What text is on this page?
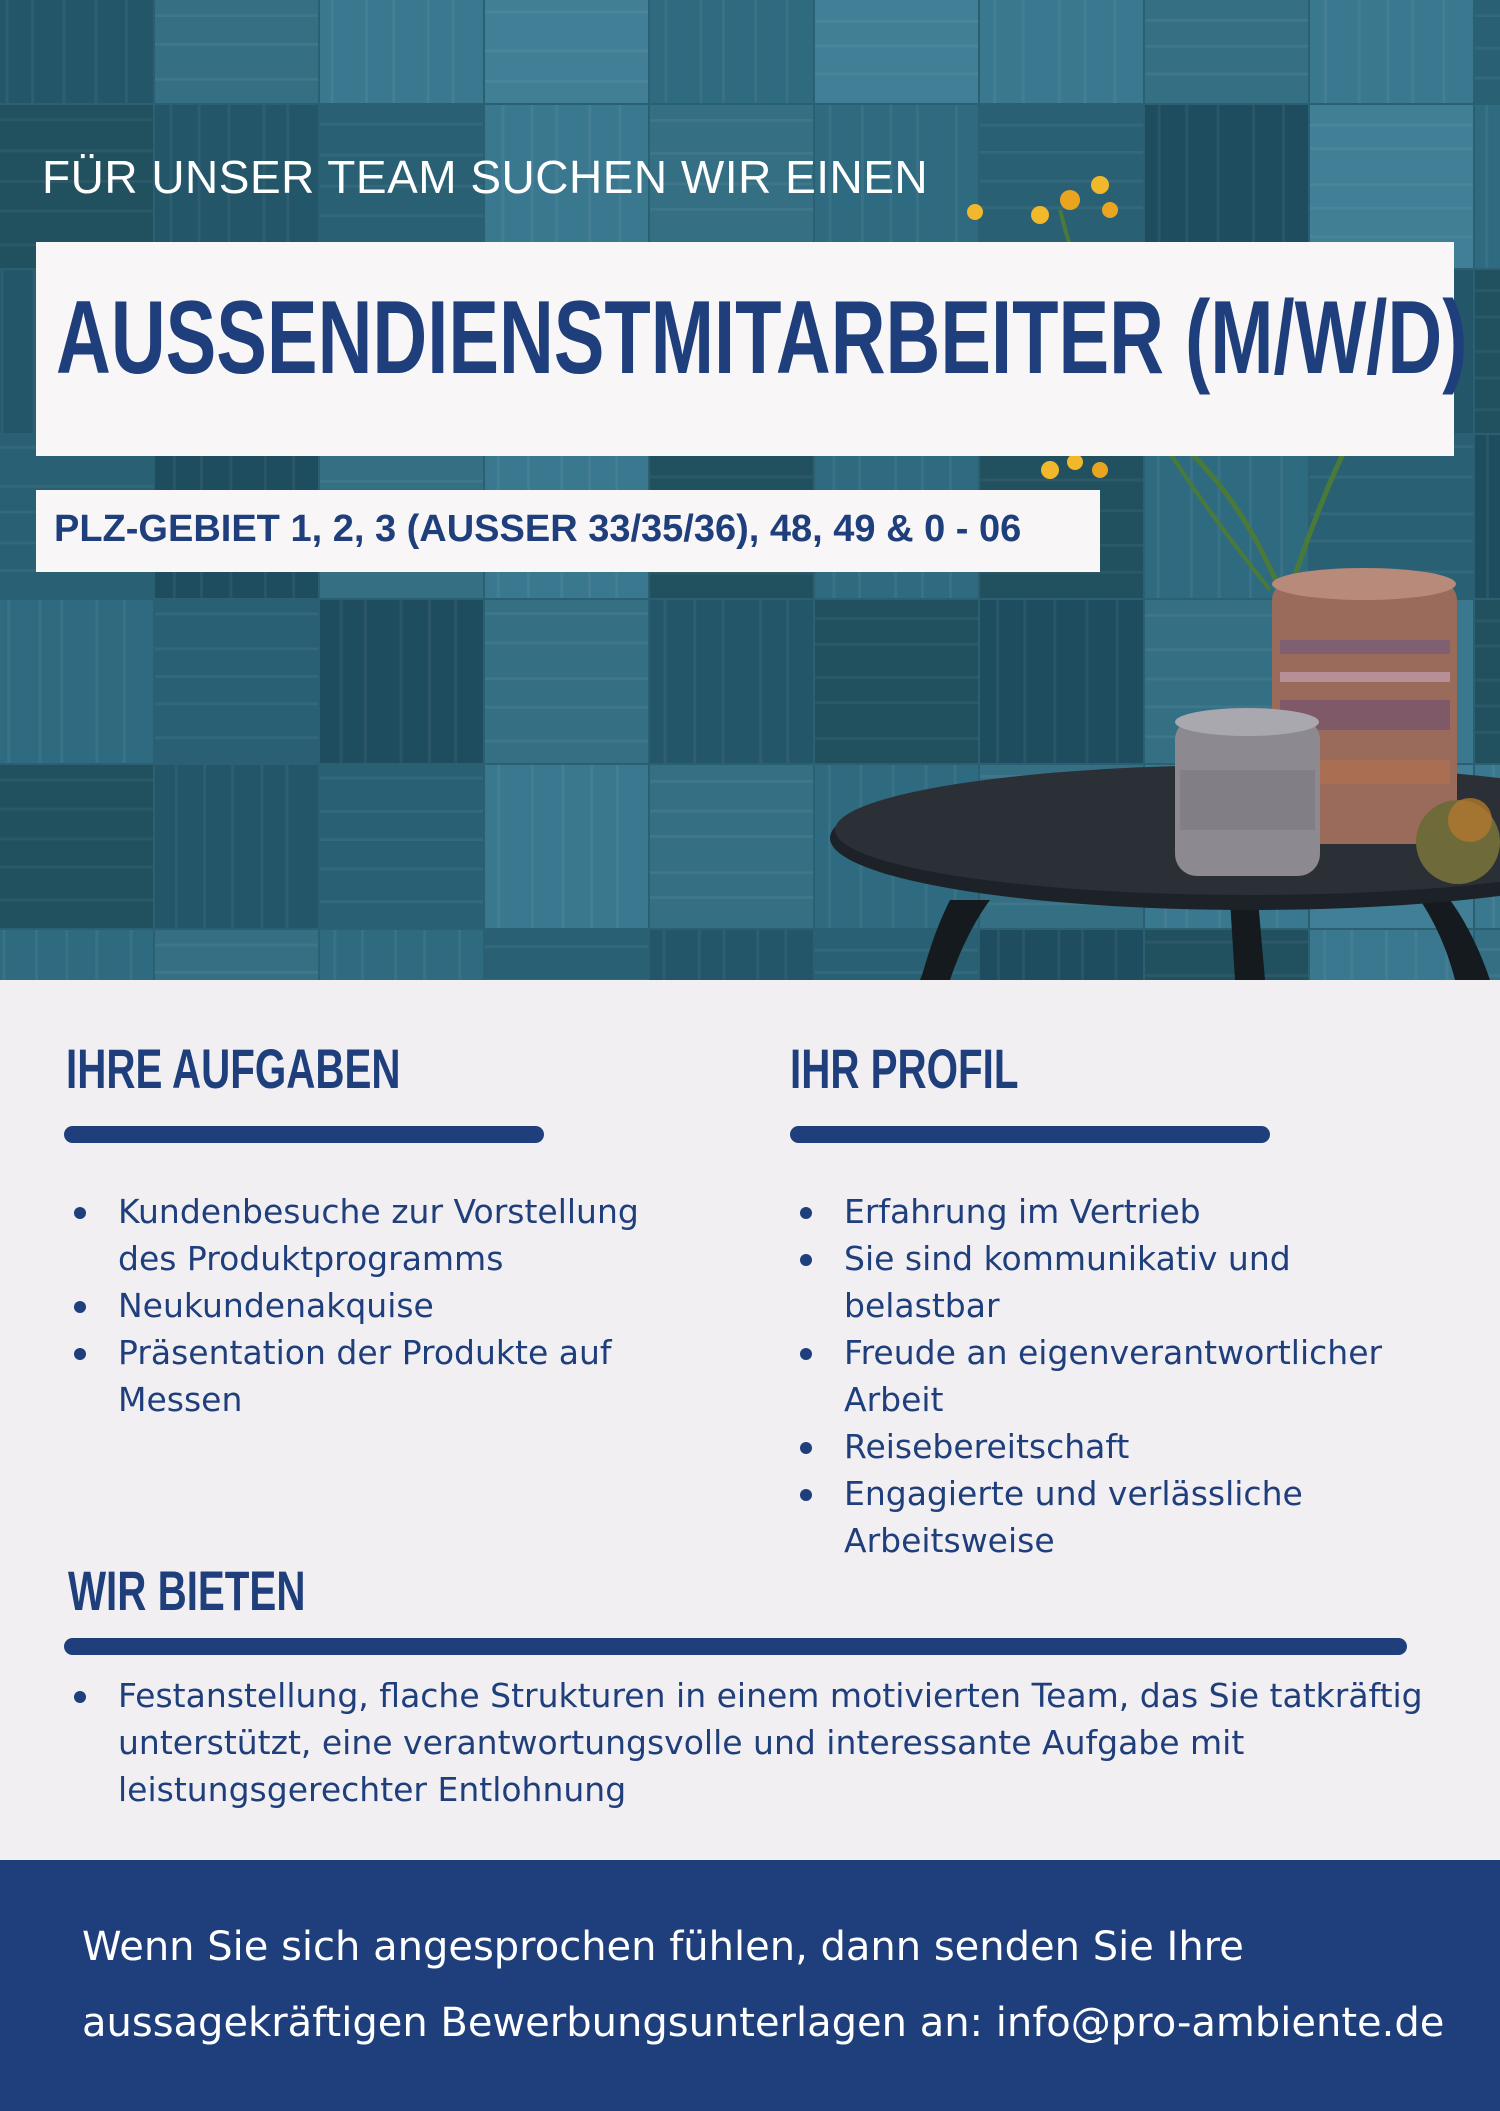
FÜR UNSER TEAM SUCHEN WIR EINEN
AUSSENDIENSTMITARBEITER (M/W/D)
PLZ-GEBIET 1, 2, 3 (AUSSER 33/35/36), 48, 49 & 0 - 06
IHRE AUFGABEN
Kundenbesuche zur Vorstellung
des Produktprogramms
Neukundenakquise
Präsentation der Produkte auf
Messen
IHR PROFIL
Erfahrung im Vertrieb
Sie sind kommunikativ und
belastbar
Freude an eigenverantwortlicher
Arbeit
Reisebereitschaft
Engagierte und verlässliche
Arbeitsweise
WIR BIETEN
Festanstellung, flache Strukturen in einem motivierten Team, das Sie tatkräftig
unterstützt, eine verantwortungsvolle und interessante Aufgabe mit
leistungsgerechter Entlohnung

Wenn Sie sich angesprochen fühlen, dann senden Sie Ihre

aussagekräftigen Bewerbungsunterlagen an: info@pro-ambiente.de
